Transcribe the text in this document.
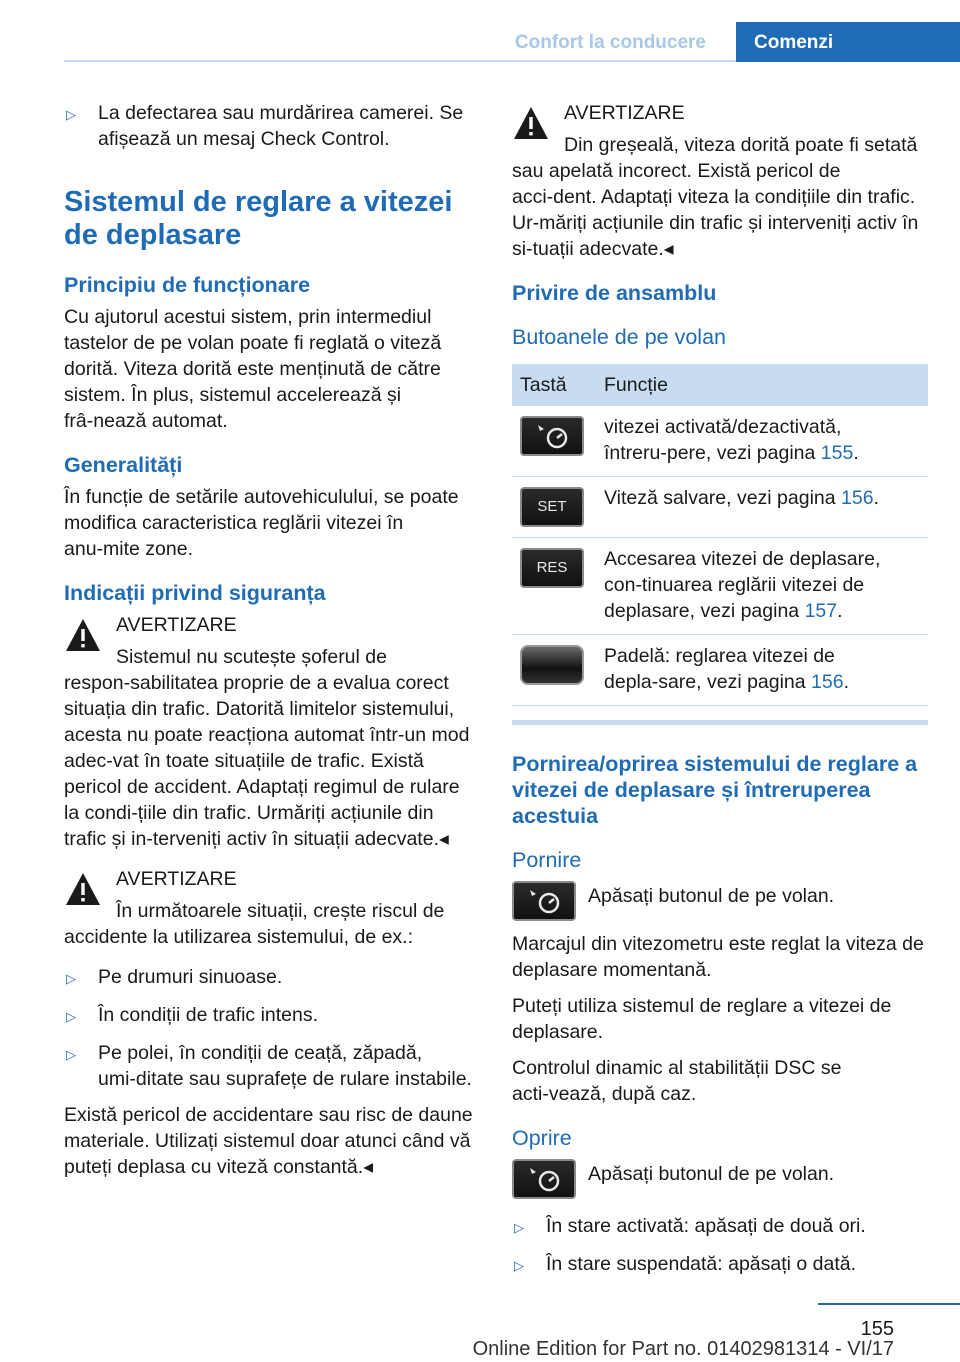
Confort la conducere	Comenzi
▷	La defectarea sau murdărirea camerei. Se afișează un mesaj Check Control.
Sistemul de reglare a vitezei de deplasare
Principiu de funcționare

Cu ajutorul acestui sistem, prin intermediul tastelor de pe volan poate fi reglată o viteză dorită. Viteza dorită este menținută de către sistem. În plus, sistemul accelerează și frâ‑nează automat.

Generalități

În funcție de setările autovehiculului, se poate modifica caracteristica reglării vitezei în anu‑mite zone.

Indicații privind siguranța
AVERTIZARE
Sistemul nu scutește șoferul de respon‑sabilitatea proprie de a evalua corect situația din trafic. Datorită limitelor sistemului, acesta nu poate reacționa automat într‑un mod adec‑vat în toate situațiile de trafic. Există pericol de accident. Adaptați regimul de rulare la condi‑țiile din trafic. Urmăriți acțiunile din trafic și in‑terveniți activ în situații adecvate.◂
AVERTIZARE
În următoarele situații, crește riscul de accidente la utilizarea sistemului, de ex.:
▷	Pe drumuri sinuoase.
▷	În condiții de trafic intens.
▷	Pe polei, în condiții de ceață, zăpadă, umi‑ditate sau suprafețe de rulare instabile.

Există pericol de accidentare sau risc de daune materiale. Utilizați sistemul doar atunci când vă puteți deplasa cu viteză constantă.◂

AVERTIZARE
Din greșeală, viteza dorită poate fi setată sau apelată incorect. Există pericol de acci‑dent. Adaptați viteza la condițiile din trafic. Ur‑măriți acțiunile din trafic și interveniți activ în si‑tuații adecvate.◂
Privire de ansamblu
Butoanele de pe volan
Tastă	Funcție

	vitezei activată/dezactivată, întreru‑pere, vezi pagina 155.

SET	Viteză salvare, vezi pagina 156.

RES	Accesarea vitezei de deplasare, con‑tinuarea reglării vitezei de deplasare, vezi pagina 157.

	Padelă: reglarea vitezei de depla‑sare, vezi pagina 156.
Pornirea/oprirea sistemului de reglare a vitezei de deplasare și întreruperea acestuia
Pornire
Apăsați butonul de pe volan.

Marcajul din vitezometru este reglat la viteza de deplasare momentană.

Puteți utiliza sistemul de reglare a vitezei de deplasare.

Controlul dinamic al stabilității DSC se acti‑vează, după caz.

Oprire
Apăsați butonul de pe volan.
▷	În stare activată: apăsați de două ori.
▷	În stare suspendată: apăsați o dată.
155
Online Edition for Part no. 01402981314 - VI/17
